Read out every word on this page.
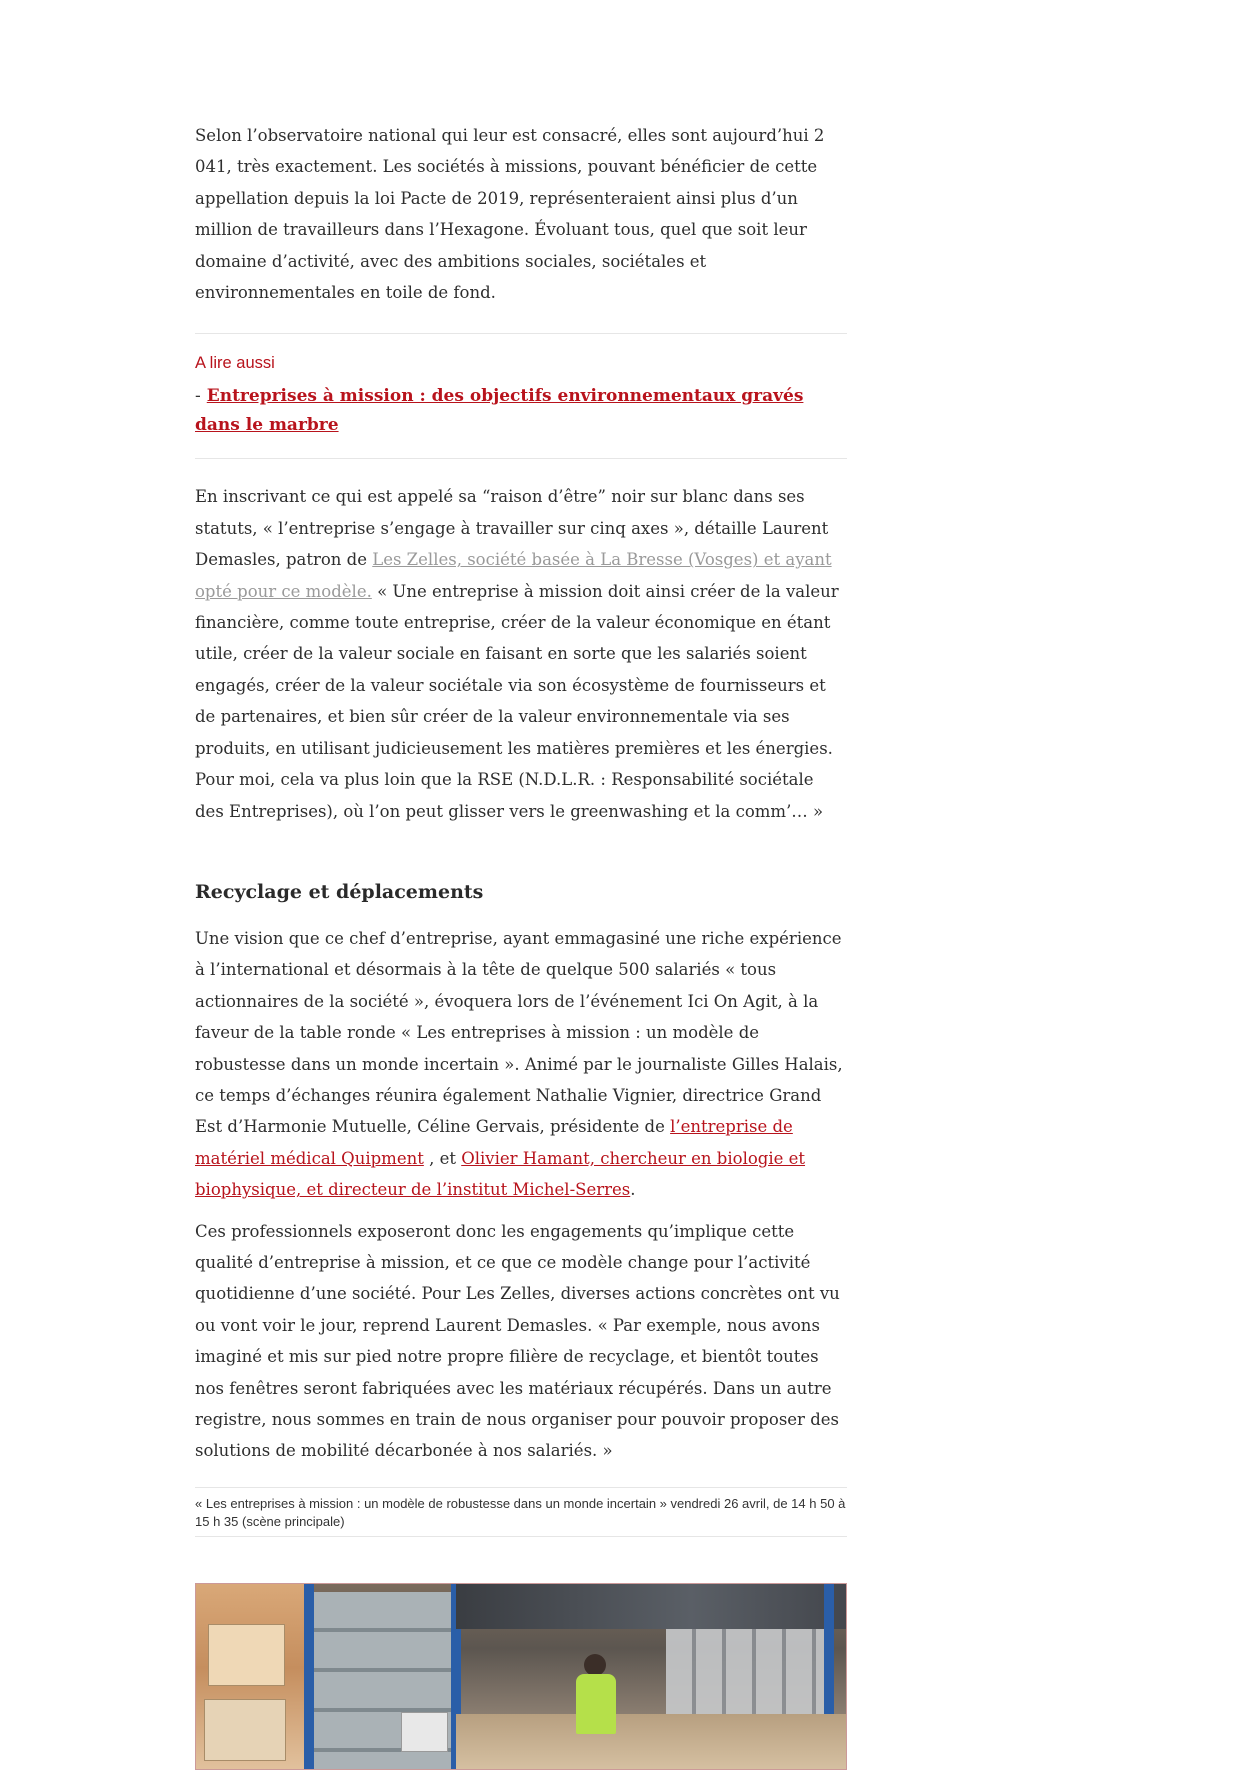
Selon l’observatoire national qui leur est consacré, elles sont aujourd’hui 2 041, très exactement. Les sociétés à missions, pouvant bénéficier de cette appellation depuis la loi Pacte de 2019, représenteraient ainsi plus d’un million de travailleurs dans l’Hexagone. Évoluant tous, quel que soit leur domaine d’activité, avec des ambitions sociales, sociétales et environnementales en toile de fond.

A lire aussi
- Entreprises à mission : des objectifs environnementaux gravés dans le marbre

En inscrivant ce qui est appelé sa “raison d’être” noir sur blanc dans ses statuts, « l’entreprise s’engage à travailler sur cinq axes », détaille Laurent Demasles, patron de Les Zelles, société basée à La Bresse (Vosges) et ayant opté pour ce modèle. « Une entreprise à mission doit ainsi créer de la valeur financière, comme toute entreprise, créer de la valeur économique en étant utile, créer de la valeur sociale en faisant en sorte que les salariés soient engagés, créer de la valeur sociétale via son écosystème de fournisseurs et de partenaires, et bien sûr créer de la valeur environnementale via ses produits, en utilisant judicieusement les matières premières et les énergies. Pour moi, cela va plus loin que la RSE (N.D.L.R. : Responsabilité sociétale des Entreprises), où l’on peut glisser vers le greenwashing et la comm’… »

Recyclage et déplacements

Une vision que ce chef d’entreprise, ayant emmagasiné une riche expérience à l’international et désormais à la tête de quelque 500 salariés « tous actionnaires de la société », évoquera lors de l’événement Ici On Agit, à la faveur de la table ronde « Les entreprises à mission : un modèle de robustesse dans un monde incertain ». Animé par le journaliste Gilles Halais, ce temps d’échanges réunira également Nathalie Vignier, directrice Grand Est d’Harmonie Mutuelle, Céline Gervais, présidente de l’entreprise de matériel médical Quipment , et Olivier Hamant, chercheur en biologie et biophysique, et directeur de l’institut Michel-Serres.

Ces professionnels exposeront donc les engagements qu’implique cette qualité d’entreprise à mission, et ce que ce modèle change pour l’activité quotidienne d’une société. Pour Les Zelles, diverses actions concrètes ont vu ou vont voir le jour, reprend Laurent Demasles. « Par exemple, nous avons imaginé et mis sur pied notre propre filière de recyclage, et bientôt toutes nos fenêtres seront fabriquées avec les matériaux récupérés. Dans un autre registre, nous sommes en train de nous organiser pour pouvoir proposer des solutions de mobilité décarbonée à nos salariés. »

« Les entreprises à mission : un modèle de robustesse dans un monde incertain » vendredi 26 avril, de 14 h 50 à 15 h 35 (scène principale)
